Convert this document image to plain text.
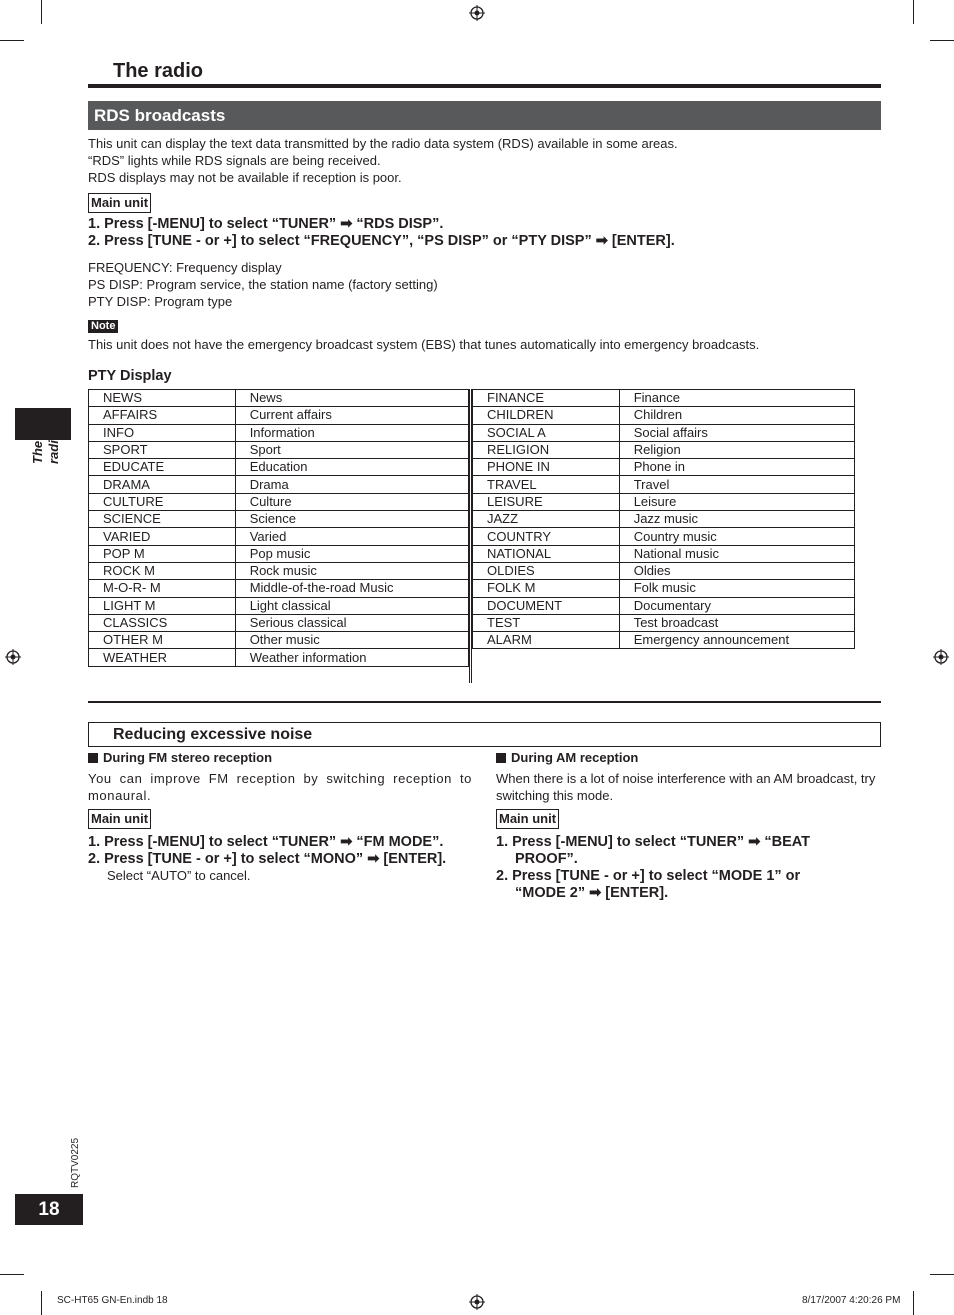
The radio
The radio
RDS broadcasts
This unit can display the text data transmitted by the radio data system (RDS) available in some areas.
“RDS” lights while RDS signals are being received.
RDS displays may not be available if reception is poor.
Main unit
1. Press [-MENU] to select “TUNER” ➡ “RDS DISP”.
2. Press [TUNE - or +] to select “FREQUENCY”, “PS DISP” or “PTY DISP” ➡ [ENTER].
FREQUENCY: Frequency display
PS DISP: Program service, the station name (factory setting)
PTY DISP: Program type
Note
This unit does not have the emergency broadcast system (EBS) that tunes automatically into emergency broadcasts.
PTY Display
NEWS	News
AFFAIRS	Current affairs
INFO	Information
SPORT	Sport
EDUCATE	Education
DRAMA	Drama
CULTURE	Culture
SCIENCE	Science
VARIED	Varied
POP M	Pop music
ROCK M	Rock music
M-O-R- M	Middle-of-the-road Music
LIGHT M	Light classical
CLASSICS	Serious classical
OTHER M	Other music
WEATHER	Weather information
FINANCE	Finance
CHILDREN	Children
SOCIAL A	Social affairs
RELIGION	Religion
PHONE IN	Phone in
TRAVEL	Travel
LEISURE	Leisure
JAZZ	Jazz music
COUNTRY	Country music
NATIONAL	National music
OLDIES	Oldies
FOLK M	Folk music
DOCUMENT	Documentary
TEST	Test broadcast
ALARM	Emergency announcement
Reducing excessive noise
During FM stereo reception
You can improve FM reception by switching reception to monaural.
Main unit
1. Press [-MENU] to select “TUNER” ➡ “FM MODE”.
2. Press [TUNE - or +] to select “MONO” ➡ [ENTER].
Select “AUTO” to cancel.
During AM reception
When there is a lot of noise interference with an AM broadcast, try switching this mode.
Main unit
1. Press [-MENU] to select “TUNER” ➡ “BEAT
PROOF”.
2. Press [TUNE - or +] to select “MODE 1” or
“MODE 2” ➡ [ENTER].
RQTV0225
18
SC-HT65 GN-En.indb 18	8/17/2007 4:20:26 PM
